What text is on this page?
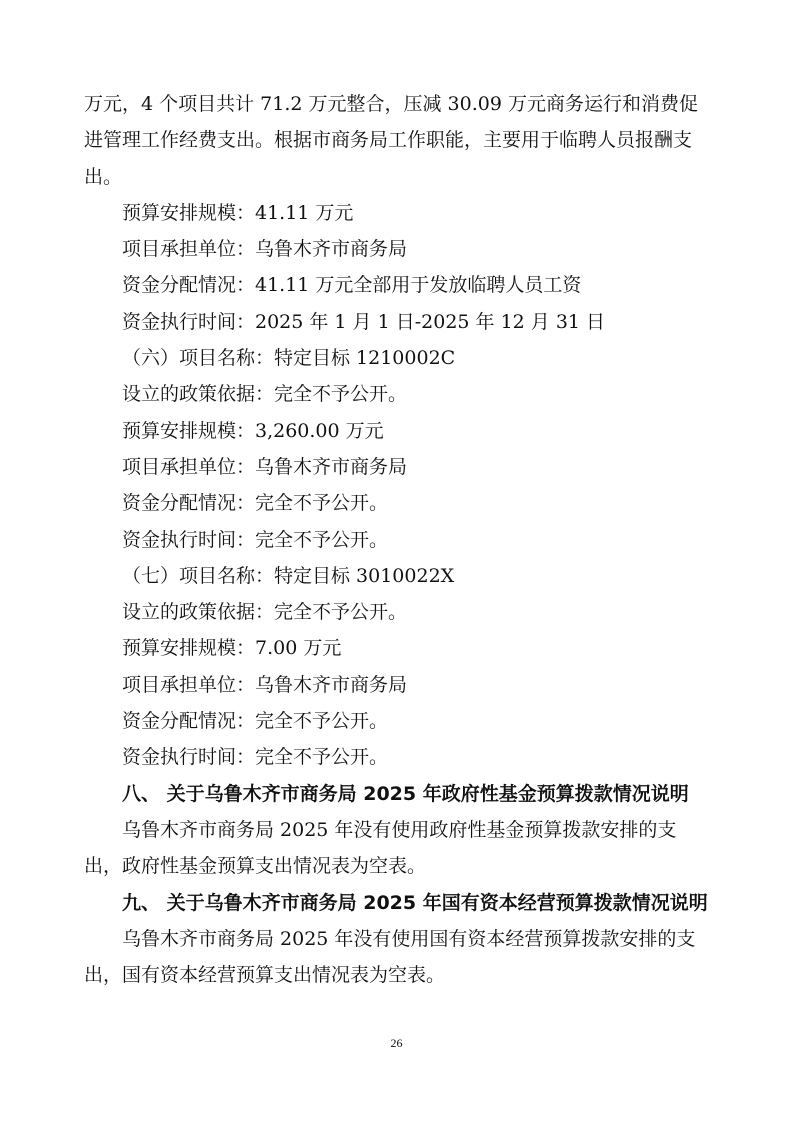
万元，4 个项目共计 71.2 万元整合，压减 30.09 万元商务运行和消费促进管理工作经费支出。根据市商务局工作职能，主要用于临聘人员报酬支出。

预算安排规模：41.11 万元

项目承担单位：乌鲁木齐市商务局

资金分配情况：41.11 万元全部用于发放临聘人员工资

资金执行时间：2025 年 1 月 1 日-2025 年 12 月 31 日

（六）项目名称：特定目标 1210002C

设立的政策依据：完全不予公开。

预算安排规模：3,260.00 万元

项目承担单位：乌鲁木齐市商务局

资金分配情况：完全不予公开。

资金执行时间：完全不予公开。

（七）项目名称：特定目标 3010022X

设立的政策依据：完全不予公开。

预算安排规模：7.00 万元

项目承担单位：乌鲁木齐市商务局

资金分配情况：完全不予公开。

资金执行时间：完全不予公开。

八、 关于乌鲁木齐市商务局 2025 年政府性基金预算拨款情况说明

乌鲁木齐市商务局 2025 年没有使用政府性基金预算拨款安排的支出，政府性基金预算支出情况表为空表。

九、 关于乌鲁木齐市商务局 2025 年国有资本经营预算拨款情况说明

乌鲁木齐市商务局 2025 年没有使用国有资本经营预算拨款安排的支出，国有资本经营预算支出情况表为空表。

26
